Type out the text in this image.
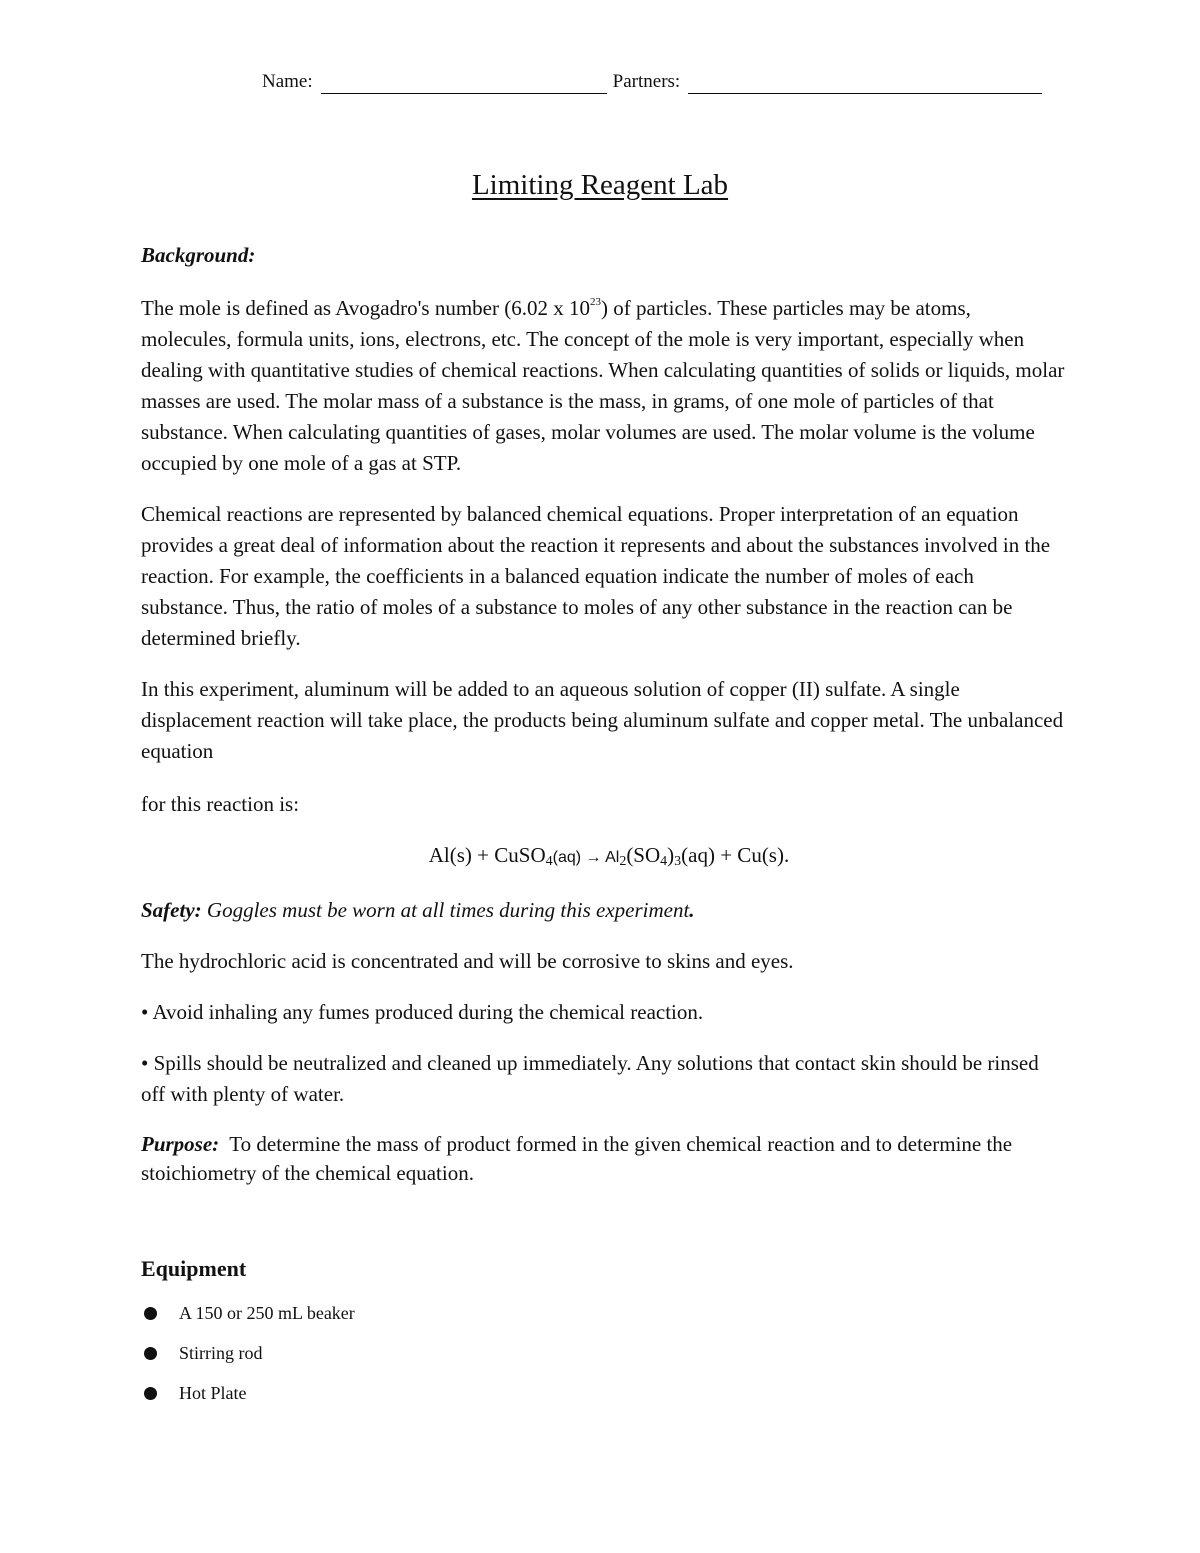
Name:	Partners:
Limiting Reagent Lab

Background:

The mole is defined as Avogadro's number (6.02 x $10^{23}$) of particles. These particles may be atoms, molecules, formula units, ions, electrons, etc. The concept of the mole is very important, especially when dealing with quantitative studies of chemical reactions. When calculating quantities of solids or liquids, molar masses are used. The molar mass of a substance is the mass, in grams, of one mole of particles of that substance. When calculating quantities of gases, molar volumes are used. The molar volume is the volume occupied by one mole of a gas at STP.

Chemical reactions are represented by balanced chemical equations. Proper interpretation of an equation provides a great deal of information about the reaction it represents and about the substances involved in the reaction. For example, the coefficients in a balanced equation indicate the number of moles of each substance. Thus, the ratio of moles of a substance to moles of any other substance in the reaction can be determined briefly.

In this experiment, aluminum will be added to an aqueous solution of copper (II) sulfate. A single displacement reaction will take place, the products being aluminum sulfate and copper metal. The unbalanced equation

for this reaction is:

Al(s) + CuSO$_4$(aq) → $Al_2(SO_4)_3(aq) + Cu(s)$.

Safety: Goggles must be worn at all times during this experiment.

The hydrochloric acid is concentrated and will be corrosive to skins and eyes.

• Avoid inhaling any fumes produced during the chemical reaction.

• Spills should be neutralized and cleaned up immediately. Any solutions that contact skin should be rinsed off with plenty of water.

Purpose:  To determine the mass of product formed in the given chemical reaction and to determine the stoichiometry of the chemical equation.

Equipment
A 150 or 250 mL beaker
Stirring rod
Hot Plate
